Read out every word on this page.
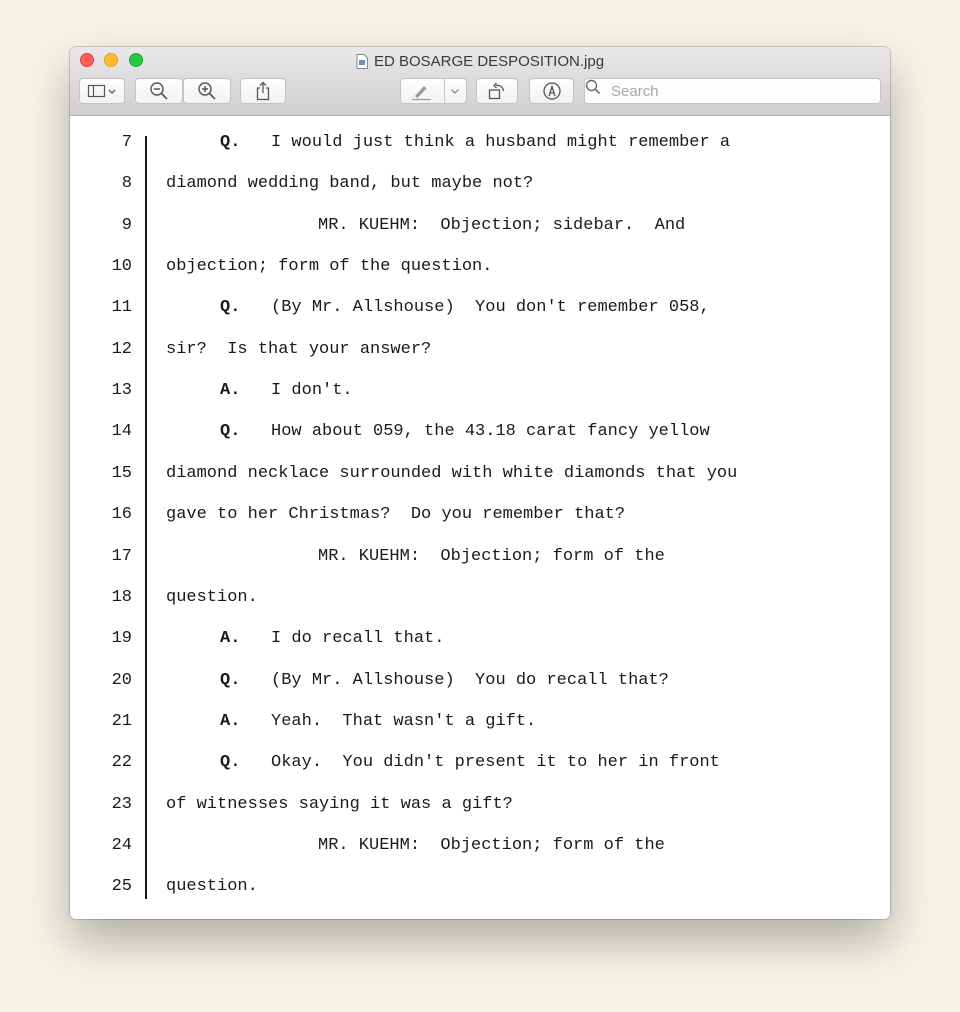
ED BOSARGE DESPOSITION.jpg
Search
7	Q. I would just think a husband might remember a
8 diamond wedding band, but maybe not?
9	MR. KUEHM:  Objection; sidebar.  And
10 objection; form of the question.
11	Q. (By Mr. Allshouse)  You don't remember 058,
12 sir?  Is that your answer?
13	A. I don't.
14	Q. How about 059, the 43.18 carat fancy yellow
15 diamond necklace surrounded with white diamonds that you
16 gave to her Christmas?  Do you remember that?
17	MR. KUEHM:  Objection; form of the
18 question.
19	A. I do recall that.
20	Q. (By Mr. Allshouse)  You do recall that?
21	A. Yeah.  That wasn't a gift.
22	Q. Okay.  You didn't present it to her in front
23 of witnesses saying it was a gift?
24	MR. KUEHM:  Objection; form of the
25 question.
